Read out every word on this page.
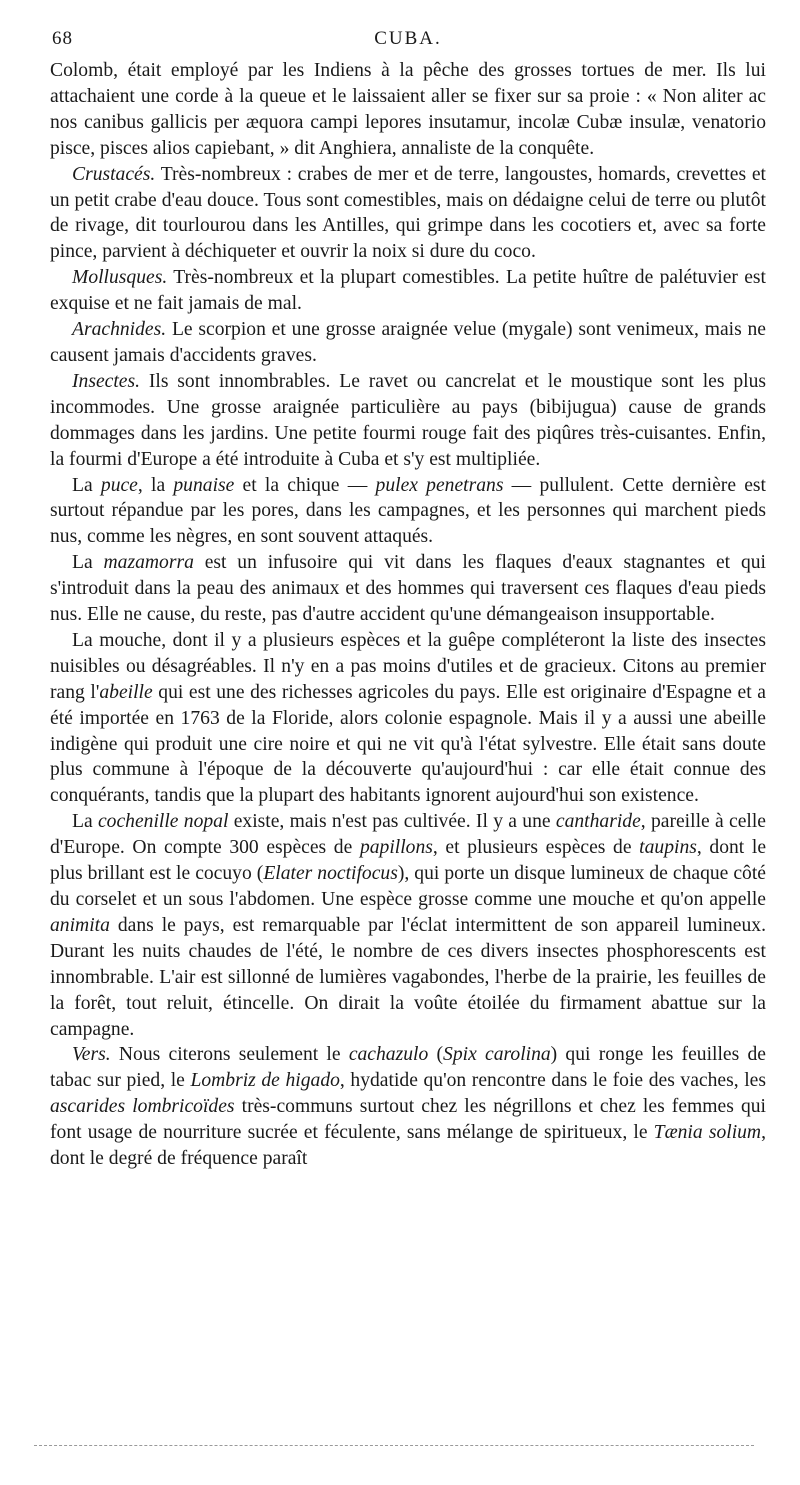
68	CUBA.

Colomb, était employé par les Indiens à la pêche des grosses tortues de mer. Ils lui attachaient une corde à la queue et le laissaient aller se fixer sur sa proie : « Non aliter ac nos canibus gallicis per æquora campi lepores insutamur, incolæ Cubæ insulæ, venatorio pisce, pisces alios capiebant, » dit Anghiera, annaliste de la conquête.

Crustacés. Très-nombreux : crabes de mer et de terre, langoustes, homards, crevettes et un petit crabe d'eau douce. Tous sont comestibles, mais on dédaigne celui de terre ou plutôt de rivage, dit tourlourou dans les Antilles, qui grimpe dans les cocotiers et, avec sa forte pince, parvient à déchiqueter et ouvrir la noix si dure du coco.

Mollusques. Très-nombreux et la plupart comestibles. La petite huître de palétuvier est exquise et ne fait jamais de mal.

Arachnides. Le scorpion et une grosse araignée velue (mygale) sont venimeux, mais ne causent jamais d'accidents graves.

Insectes. Ils sont innombrables. Le ravet ou cancrelat et le moustique sont les plus incommodes. Une grosse araignée particulière au pays (bibijugua) cause de grands dommages dans les jardins. Une petite fourmi rouge fait des piqûres très-cuisantes. Enfin, la fourmi d'Europe a été introduite à Cuba et s'y est multipliée.

La puce, la punaise et la chique — pulex penetrans — pullulent. Cette dernière est surtout répandue par les pores, dans les campagnes, et les personnes qui marchent pieds nus, comme les nègres, en sont souvent attaqués.

La mazamorra est un infusoire qui vit dans les flaques d'eaux stagnantes et qui s'introduit dans la peau des animaux et des hommes qui traversent ces flaques d'eau pieds nus. Elle ne cause, du reste, pas d'autre accident qu'une démangeaison insupportable.

La mouche, dont il y a plusieurs espèces et la guêpe compléteront la liste des insectes nuisibles ou désagréables. Il n'y en a pas moins d'utiles et de gracieux. Citons au premier rang l'abeille qui est une des richesses agricoles du pays. Elle est originaire d'Espagne et a été importée en 1763 de la Floride, alors colonie espagnole. Mais il y a aussi une abeille indigène qui produit une cire noire et qui ne vit qu'à l'état sylvestre. Elle était sans doute plus commune à l'époque de la découverte qu'aujourd'hui : car elle était connue des conquérants, tandis que la plupart des habitants ignorent aujourd'hui son existence.

La cochenille nopal existe, mais n'est pas cultivée. Il y a une cantharide, pareille à celle d'Europe. On compte 300 espèces de papillons, et plusieurs espèces de taupins, dont le plus brillant est le cocuyo (Elater noctifocus), qui porte un disque lumineux de chaque côté du corselet et un sous l'abdomen. Une espèce grosse comme une mouche et qu'on appelle animita dans le pays, est remarquable par l'éclat intermittent de son appareil lumineux. Durant les nuits chaudes de l'été, le nombre de ces divers insectes phosphorescents est innombrable. L'air est sillonné de lumières vagabondes, l'herbe de la prairie, les feuilles de la forêt, tout reluit, étincelle. On dirait la voûte étoilée du firmament abattue sur la campagne.

Vers. Nous citerons seulement le cachazulo (Spix carolina) qui ronge les feuilles de tabac sur pied, le Lombriz de higado, hydatide qu'on rencontre dans le foie des vaches, les ascarides lombricoïdes très-communs surtout chez les négrillons et chez les femmes qui font usage de nourriture sucrée et féculente, sans mélange de spiritueux, le Tænia solium, dont le degré de fréquence paraît
